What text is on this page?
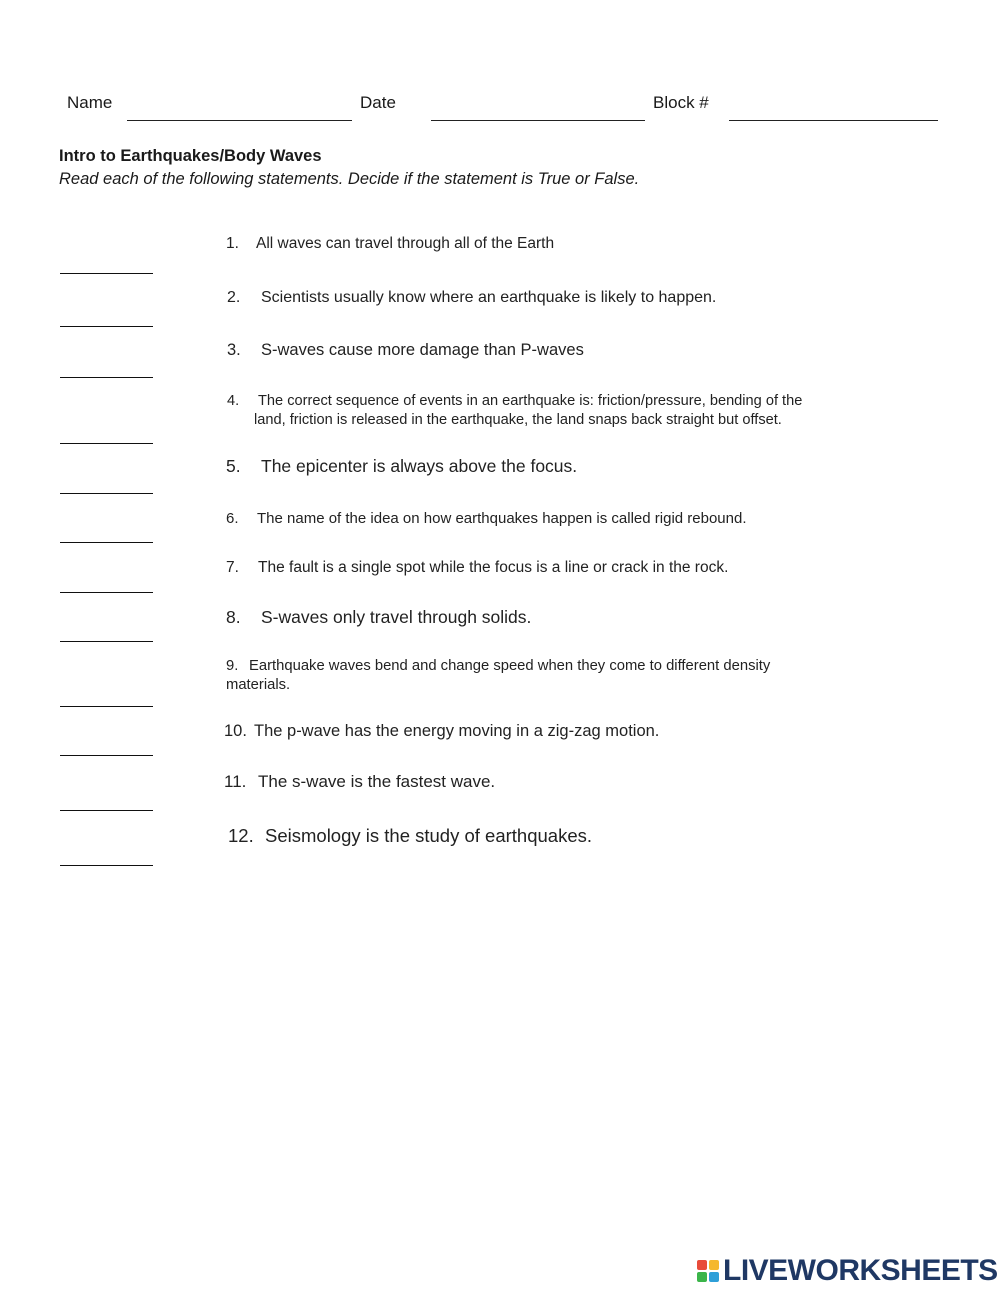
Name	Date	Block #
Intro to Earthquakes/Body Waves
Read each of the following statements. Decide if the statement is True or False.
1. All waves can travel through all of the Earth
2. Scientists usually know where an earthquake is likely to happen.
3. S-waves cause more damage than P-waves
4. The correct sequence of events in an earthquake is: friction/pressure, bending of the
land, friction is released in the earthquake, the land snaps back straight but offset.
5. The epicenter is always above the focus.
6. The name of the idea on how earthquakes happen is called rigid rebound.
7. The fault is a single spot while the focus is a line or crack in the rock.
8. S-waves only travel through solids.
9. Earthquake waves bend and change speed when they come to different density
materials.
10. The p-wave has the energy moving in a zig-zag motion.
11. The s-wave is the fastest wave.
12. Seismology is the study of earthquakes.
LIVEWORKSHEETS
